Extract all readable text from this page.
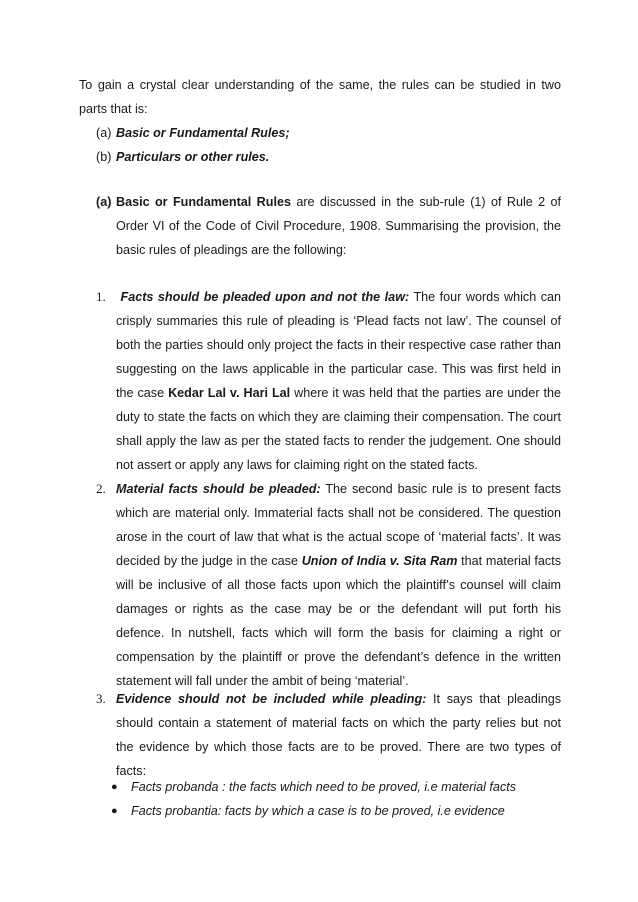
To gain a crystal clear understanding of the same, the rules can be studied in two parts that is:
(a) Basic or Fundamental Rules;
(b) Particulars or other rules.
(a) Basic or Fundamental Rules are discussed in the sub-rule (1) of Rule 2 of Order VI of the Code of Civil Procedure, 1908. Summarising the provision, the basic rules of pleadings are the following:
1.	Facts should be pleaded upon and not the law: The four words which can crisply summaries this rule of pleading is ‘Plead facts not law’. The counsel of both the parties should only project the facts in their respective case rather than suggesting on the laws applicable in the particular case. This was first held in the case Kedar Lal v. Hari Lal where it was held that the parties are under the duty to state the facts on which they are claiming their compensation. The court shall apply the law as per the stated facts to render the judgement. One should not assert or apply any laws for claiming right on the stated facts.
2. Material facts should be pleaded: The second basic rule is to present facts which are material only. Immaterial facts shall not be considered. The question arose in the court of law that what is the actual scope of ‘material facts’. It was decided by the judge in the case Union of India v. Sita Ram that material facts will be inclusive of all those facts upon which the plaintiff’s counsel will claim damages or rights as the case may be or the defendant will put forth his defence. In nutshell, facts which will form the basis for claiming a right or compensation by the plaintiff or prove the defendant’s defence in the written statement will fall under the ambit of being ‘material’.
3. Evidence should not be included while pleading: It says that pleadings should contain a statement of material facts on which the party relies but not the evidence by which those facts are to be proved. There are two types of facts:
● Facts probanda : the facts which need to be proved, i.e material facts
● Facts probantia: facts by which a case is to be proved, i.e evidence
